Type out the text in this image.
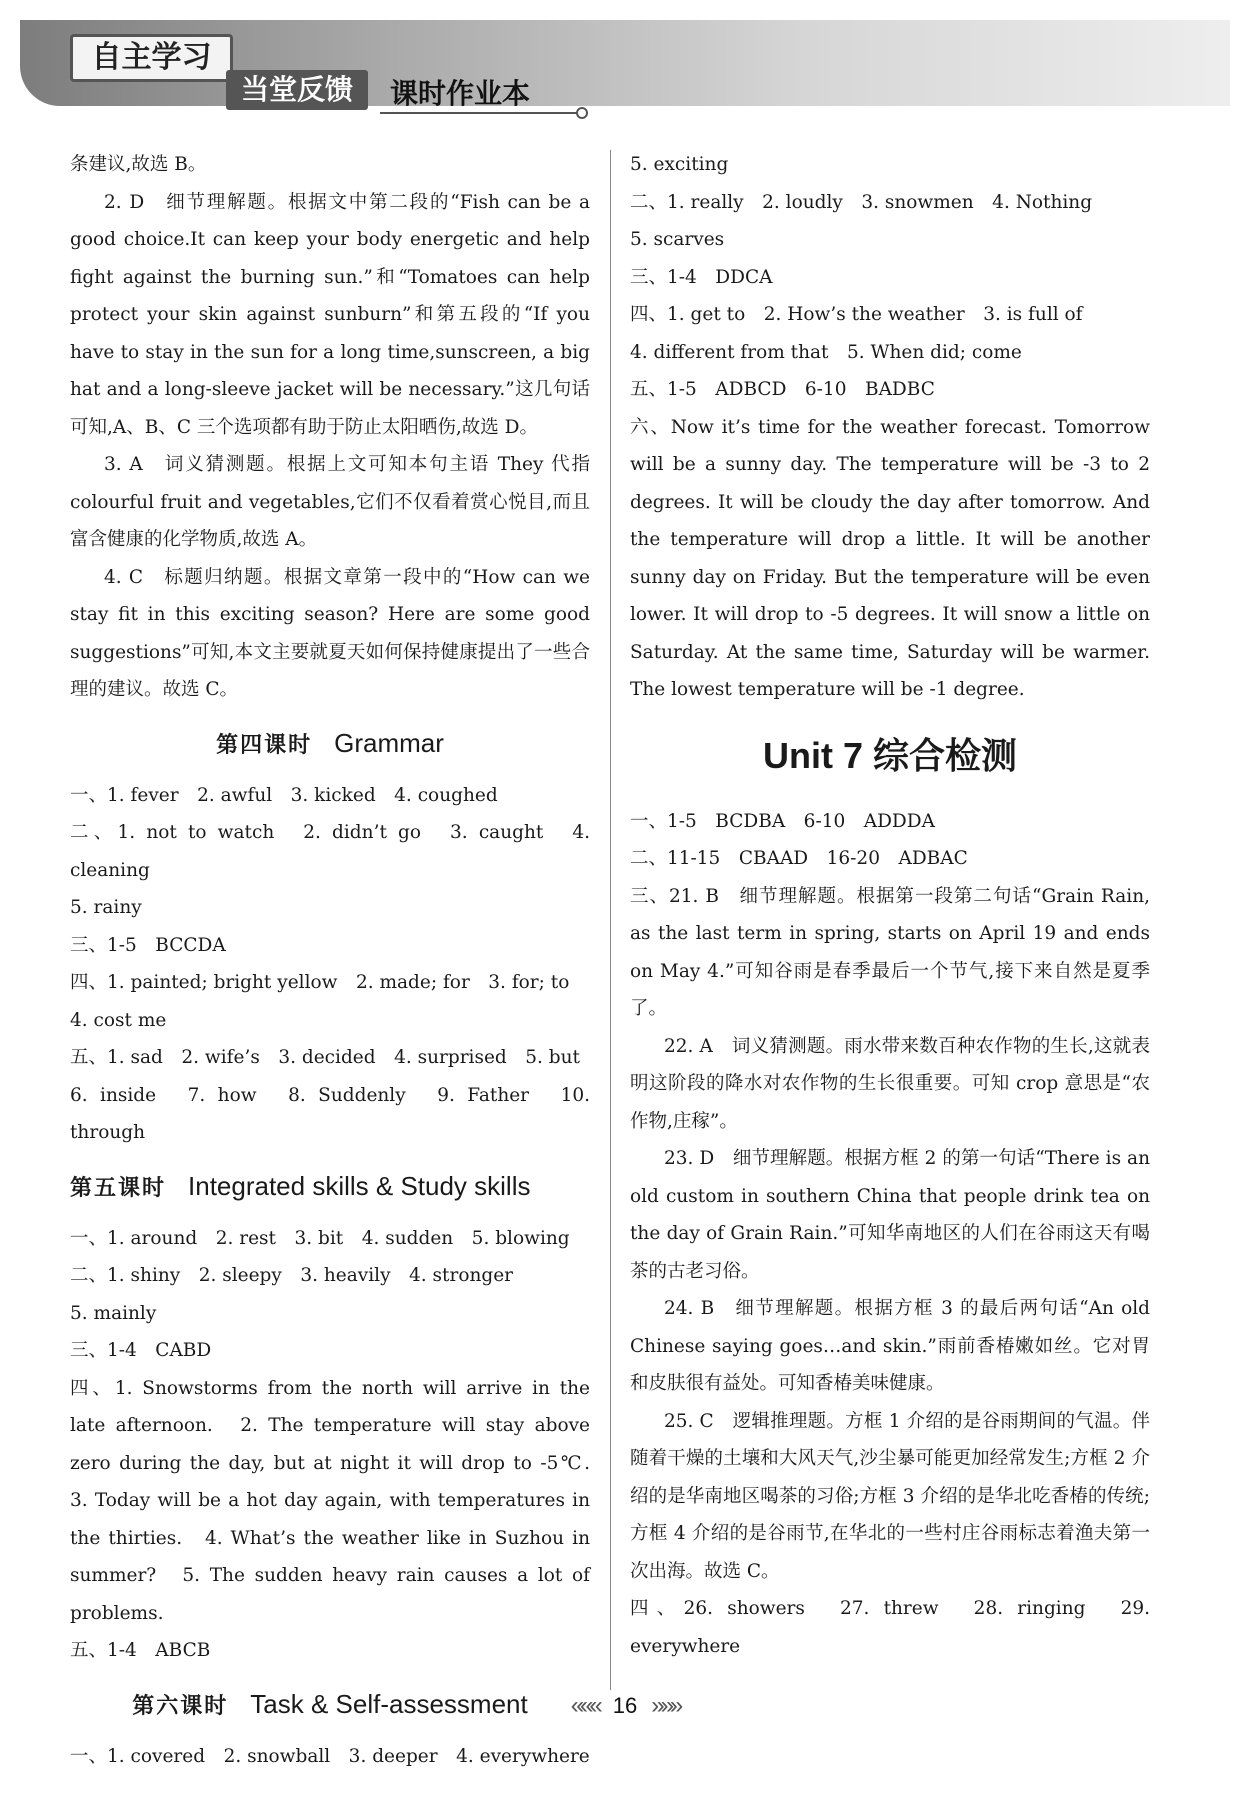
自主学习
当堂反馈	课时作业本

条建议,故选 B。

2. D　细节理解题。根据文中第二段的“Fish can be a good choice.It can keep your body energetic and help fight against the burning sun.”和“Tomatoes can help protect your skin against sunburn”和第五段的“If you have to stay in the sun for a long time,sunscreen, a big hat and a long-sleeve jacket will be necessary.”这几句话可知,A、B、C 三个选项都有助于防止太阳晒伤,故选 D。

3. A　词义猜测题。根据上文可知本句主语 They 代指 colourful fruit and vegetables,它们不仅看着赏心悦目,而且富含健康的化学物质,故选 A。

4. C　标题归纳题。根据文章第一段中的“How can we stay fit in this exciting season? Here are some good suggestions”可知,本文主要就夏天如何保持健康提出了一些合理的建议。故选 C。

第四课时 Grammar

一、1. fever　2. awful　3. kicked　4. coughed

二、1. not to watch　2. didn’t go　3. caught　4. cleaning

5. rainy

三、1-5　BCCDA

四、1. painted; bright yellow　2. made; for　3. for; to

4. cost me

五、1. sad　2. wife’s　3. decided　4. surprised　5. but

6. inside　7. how　8. Suddenly　9. Father　10. through

第五课时 Integrated skills & Study skills

一、1. around　2. rest　3. bit　4. sudden　5. blowing

二、1. shiny　2. sleepy　3. heavily　4. stronger

5. mainly

三、1-4　CABD

四、1. Snowstorms from the north will arrive in the late afternoon.　2. The temperature will stay above zero during the day, but at night it will drop to -5℃.　3. Today will be a hot day again, with temperatures in the thirties.　4. What’s the weather like in Suzhou in summer?　5. The sudden heavy rain causes a lot of problems.

五、1-4　ABCB

第六课时 Task & Self-assessment

一、1. covered　2. snowball　3. deeper　4. everywhere

5. exciting

二、1. really　2. loudly　3. snowmen　4. Nothing

5. scarves

三、1-4　DDCA

四、1. get to　2. How’s the weather　3. is full of

4. different from that　5. When did; come

五、1-5　ADBCD　6-10　BADBC

六、Now it’s time for the weather forecast. Tomorrow will be a sunny day. The temperature will be -3 to 2 degrees. It will be cloudy the day after tomorrow. And the temperature will drop a little. It will be another sunny day on Friday. But the temperature will be even lower. It will drop to -5 degrees. It will snow a little on Saturday. At the same time, Saturday will be warmer. The lowest temperature will be -1 degree.

Unit 7 综合检测

一、1-5　BCDBA　6-10　ADDDA

二、11-15　CBAAD　16-20　ADBAC

三、21. B　细节理解题。根据第一段第二句话“Grain Rain, as the last term in spring, starts on April 19 and ends on May 4.”可知谷雨是春季最后一个节气,接下来自然是夏季了。

22. A　词义猜测题。雨水带来数百种农作物的生长,这就表明这阶段的降水对农作物的生长很重要。可知 crop 意思是“农作物,庄稼”。

23. D　细节理解题。根据方框 2 的第一句话“There is an old custom in southern China that people drink tea on the day of Grain Rain.”可知华南地区的人们在谷雨这天有喝茶的古老习俗。

24. B　细节理解题。根据方框 3 的最后两句话“An old Chinese saying goes…and skin.”雨前香椿嫩如丝。它对胃和皮肤很有益处。可知香椿美味健康。

25. C　逻辑推理题。方框 1 介绍的是谷雨期间的气温。伴随着干燥的土壤和大风天气,沙尘暴可能更加经常发生;方框 2 介绍的是华南地区喝茶的习俗;方框 3 介绍的是华北吃香椿的传统;方框 4 介绍的是谷雨节,在华北的一些村庄谷雨标志着渔夫第一次出海。故选 C。

四、26. showers　27. threw　28. ringing　29. everywhere

««« 16 »»»
